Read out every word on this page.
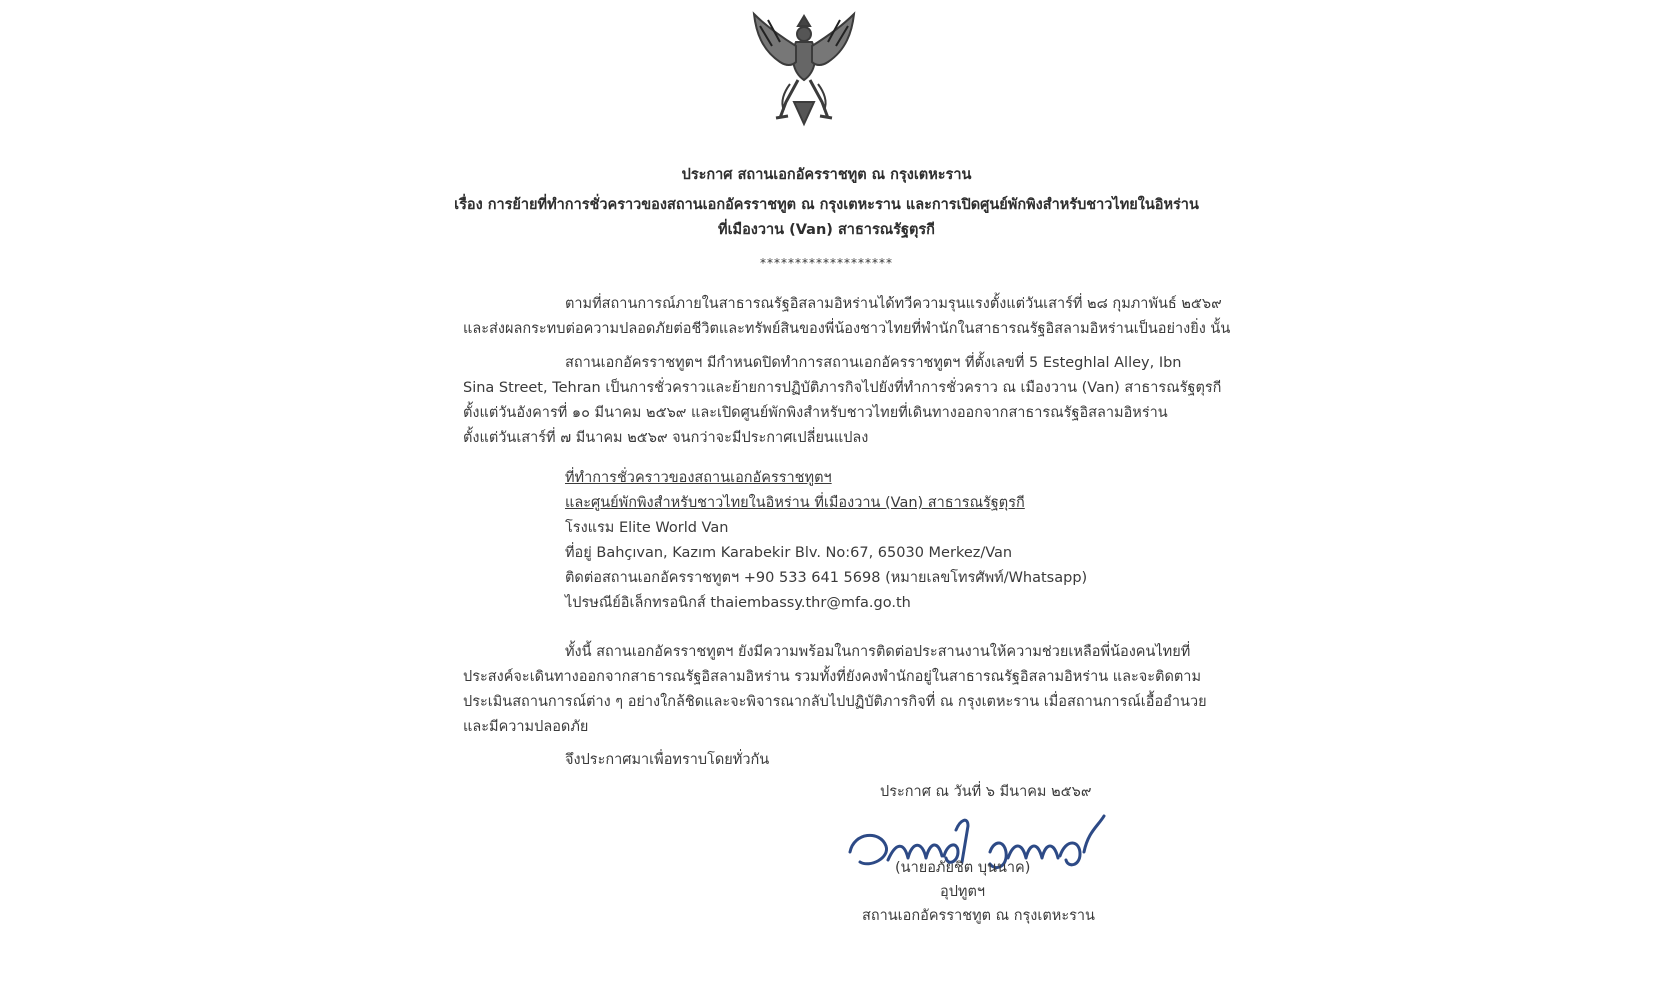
ประกาศ สถานเอกอัครราชทูต ณ กรุงเตหะราน
เรื่อง การย้ายที่ทำการชั่วคราวของสถานเอกอัครราชทูต ณ กรุงเตหะราน และการเปิดศูนย์พักพิงสำหรับชาวไทยในอิหร่าน
ที่เมืองวาน (Van) สาธารณรัฐตุรกี
*******************
ตามที่สถานการณ์ภายในสาธารณรัฐอิสลามอิหร่านได้ทวีความรุนแรงตั้งแต่วันเสาร์ที่ ๒๘ กุมภาพันธ์ ๒๕๖๙
และส่งผลกระทบต่อความปลอดภัยต่อชีวิตและทรัพย์สินของพี่น้องชาวไทยที่พำนักในสาธารณรัฐอิสลามอิหร่านเป็นอย่างยิ่ง นั้น
สถานเอกอัครราชทูตฯ มีกำหนดปิดทำการสถานเอกอัครราชทูตฯ ที่ตั้งเลขที่ 5 Esteghlal Alley, Ibn
Sina Street, Tehran เป็นการชั่วคราวและย้ายการปฏิบัติภารกิจไปยังที่ทำการชั่วคราว ณ เมืองวาน (Van) สาธารณรัฐตุรกี
ตั้งแต่วันอังคารที่ ๑๐ มีนาคม ๒๕๖๙ และเปิดศูนย์พักพิงสำหรับชาวไทยที่เดินทางออกจากสาธารณรัฐอิสลามอิหร่าน
ตั้งแต่วันเสาร์ที่ ๗ มีนาคม ๒๕๖๙ จนกว่าจะมีประกาศเปลี่ยนแปลง
ที่ทำการชั่วคราวของสถานเอกอัครราชทูตฯ
และศูนย์พักพิงสำหรับชาวไทยในอิหร่าน ที่เมืองวาน (Van) สาธารณรัฐตุรกี
โรงแรม Elite World Van
ที่อยู่ Bahçıvan, Kazım Karabekir Blv. No:67, 65030 Merkez/Van
ติดต่อสถานเอกอัครราชทูตฯ +90 533 641 5698 (หมายเลขโทรศัพท์/Whatsapp)
ไปรษณีย์อิเล็กทรอนิกส์ thaiembassy.thr@mfa.go.th
ทั้งนี้ สถานเอกอัครราชทูตฯ ยังมีความพร้อมในการติดต่อประสานงานให้ความช่วยเหลือพี่น้องคนไทยที่
ประสงค์จะเดินทางออกจากสาธารณรัฐอิสลามอิหร่าน รวมทั้งที่ยังคงพำนักอยู่ในสาธารณรัฐอิสลามอิหร่าน และจะติดตาม
ประเมินสถานการณ์ต่าง ๆ อย่างใกล้ชิดและจะพิจารณากลับไปปฏิบัติภารกิจที่ ณ กรุงเตหะราน เมื่อสถานการณ์เอื้ออำนวย
และมีความปลอดภัย
จึงประกาศมาเพื่อทราบโดยทั่วกัน
ประกาศ ณ วันที่ ๖ มีนาคม ๒๕๖๙
(นายอภัยชิต บุนนาค)
อุปทูตฯ
สถานเอกอัครราชทูต ณ กรุงเตหะราน
